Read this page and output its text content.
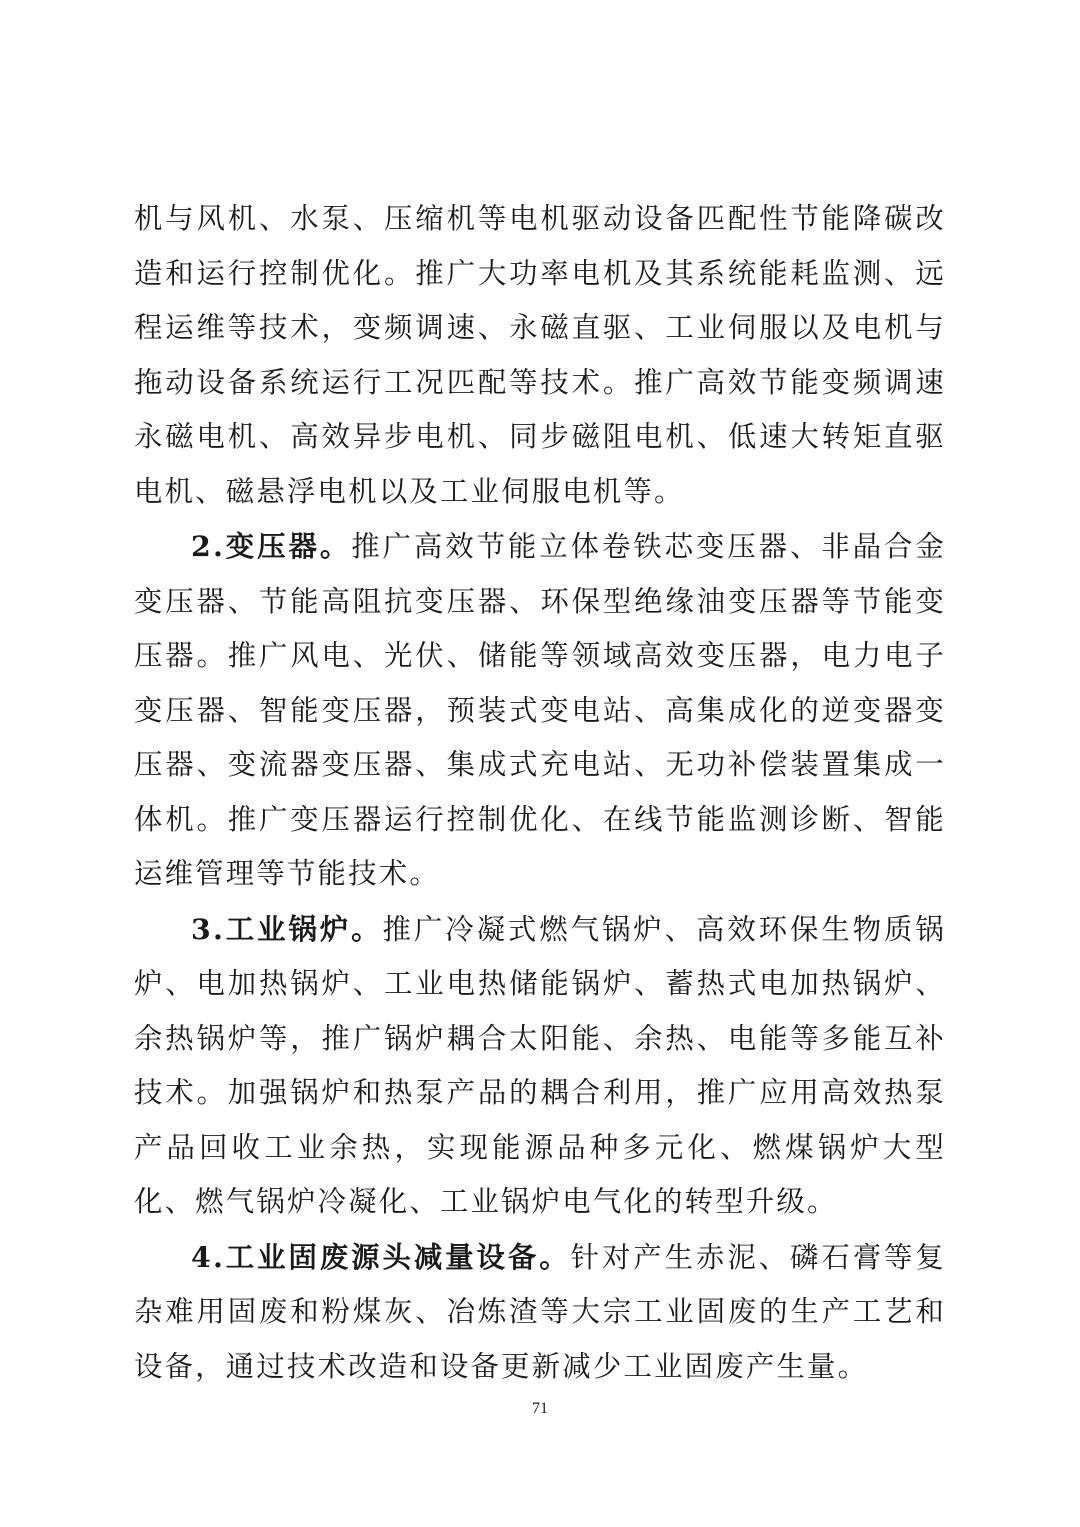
机与风机、水泵、压缩机等电机驱动设备匹配性节能降碳改造和运行控制优化。推广大功率电机及其系统能耗监测、远程运维等技术，变频调速、永磁直驱、工业伺服以及电机与拖动设备系统运行工况匹配等技术。推广高效节能变频调速永磁电机、高效异步电机、同步磁阻电机、低速大转矩直驱电机、磁悬浮电机以及工业伺服电机等。

2.变压器。推广高效节能立体卷铁芯变压器、非晶合金变压器、节能高阻抗变压器、环保型绝缘油变压器等节能变压器。推广风电、光伏、储能等领域高效变压器，电力电子变压器、智能变压器，预装式变电站、高集成化的逆变器变压器、变流器变压器、集成式充电站、无功补偿装置集成一体机。推广变压器运行控制优化、在线节能监测诊断、智能运维管理等节能技术。

3.工业锅炉。推广冷凝式燃气锅炉、高效环保生物质锅炉、电加热锅炉、工业电热储能锅炉、蓄热式电加热锅炉、余热锅炉等，推广锅炉耦合太阳能、余热、电能等多能互补技术。加强锅炉和热泵产品的耦合利用，推广应用高效热泵产品回收工业余热，实现能源品种多元化、燃煤锅炉大型化、燃气锅炉冷凝化、工业锅炉电气化的转型升级。

4.工业固废源头减量设备。针对产生赤泥、磷石膏等复杂难用固废和粉煤灰、冶炼渣等大宗工业固废的生产工艺和设备，通过技术改造和设备更新减少工业固废产生量。

71
